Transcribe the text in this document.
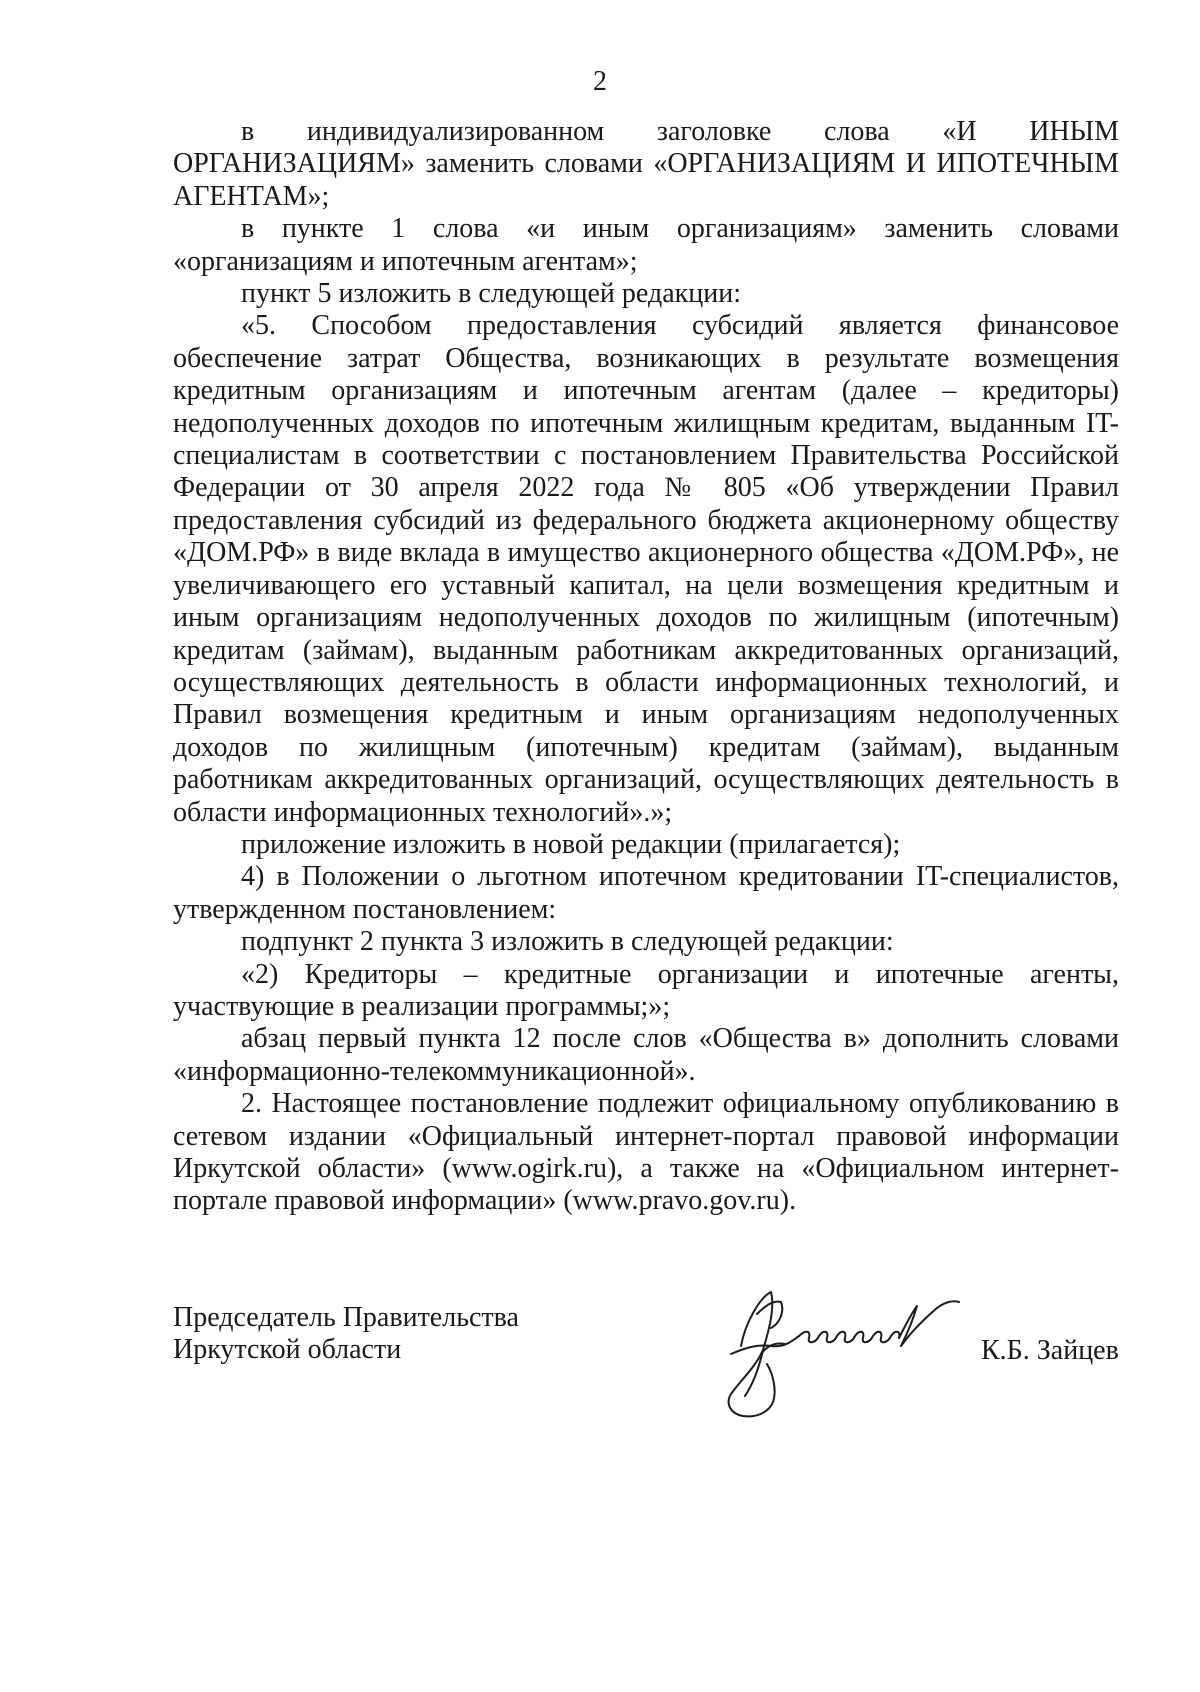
2

в индивидуализированном заголовке слова «И ИНЫМ ОРГАНИЗАЦИЯМ» заменить словами «ОРГАНИЗАЦИЯМ И ИПОТЕЧНЫМ АГЕНТАМ»;

в пункте 1 слова «и иным организациям» заменить словами «организациям и ипотечным агентам»;

пункт 5 изложить в следующей редакции:

«5. Способом предоставления субсидий является финансовое обеспечение затрат Общества, возникающих в результате возмещения кредитным организациям и ипотечным агентам (далее – кредиторы) недополученных доходов по ипотечным жилищным кредитам, выданным IT-специалистам в соответствии с постановлением Правительства Российской Федерации от 30 апреля 2022 года № 805 «Об утверждении Правил предоставления субсидий из федерального бюджета акционерному обществу «ДОМ.РФ» в виде вклада в имущество акционерного общества «ДОМ.РФ», не увеличивающего его уставный капитал, на цели возмещения кредитным и иным организациям недополученных доходов по жилищным (ипотечным) кредитам (займам), выданным работникам аккредитованных организаций, осуществляющих деятельность в области информационных технологий, и Правил возмещения кредитным и иным организациям недополученных доходов по жилищным (ипотечным) кредитам (займам), выданным работникам аккредитованных организаций, осуществляющих деятельность в области информационных технологий».»;

приложение изложить в новой редакции (прилагается);

4) в Положении о льготном ипотечном кредитовании IT-специалистов, утвержденном постановлением:

подпункт 2 пункта 3 изложить в следующей редакции:

«2) Кредиторы – кредитные организации и ипотечные агенты, участвующие в реализации программы;»;

абзац первый пункта 12 после слов «Общества в» дополнить словами «информационно-телекоммуникационной».

2. Настоящее постановление подлежит официальному опубликованию в сетевом издании «Официальный интернет-портал правовой информации Иркутской области» (www.ogirk.ru), а также на «Официальном интернет-портале правовой информации» (www.pravo.gov.ru).

Председатель Правительства
Иркутской области	К.Б. Зайцев
